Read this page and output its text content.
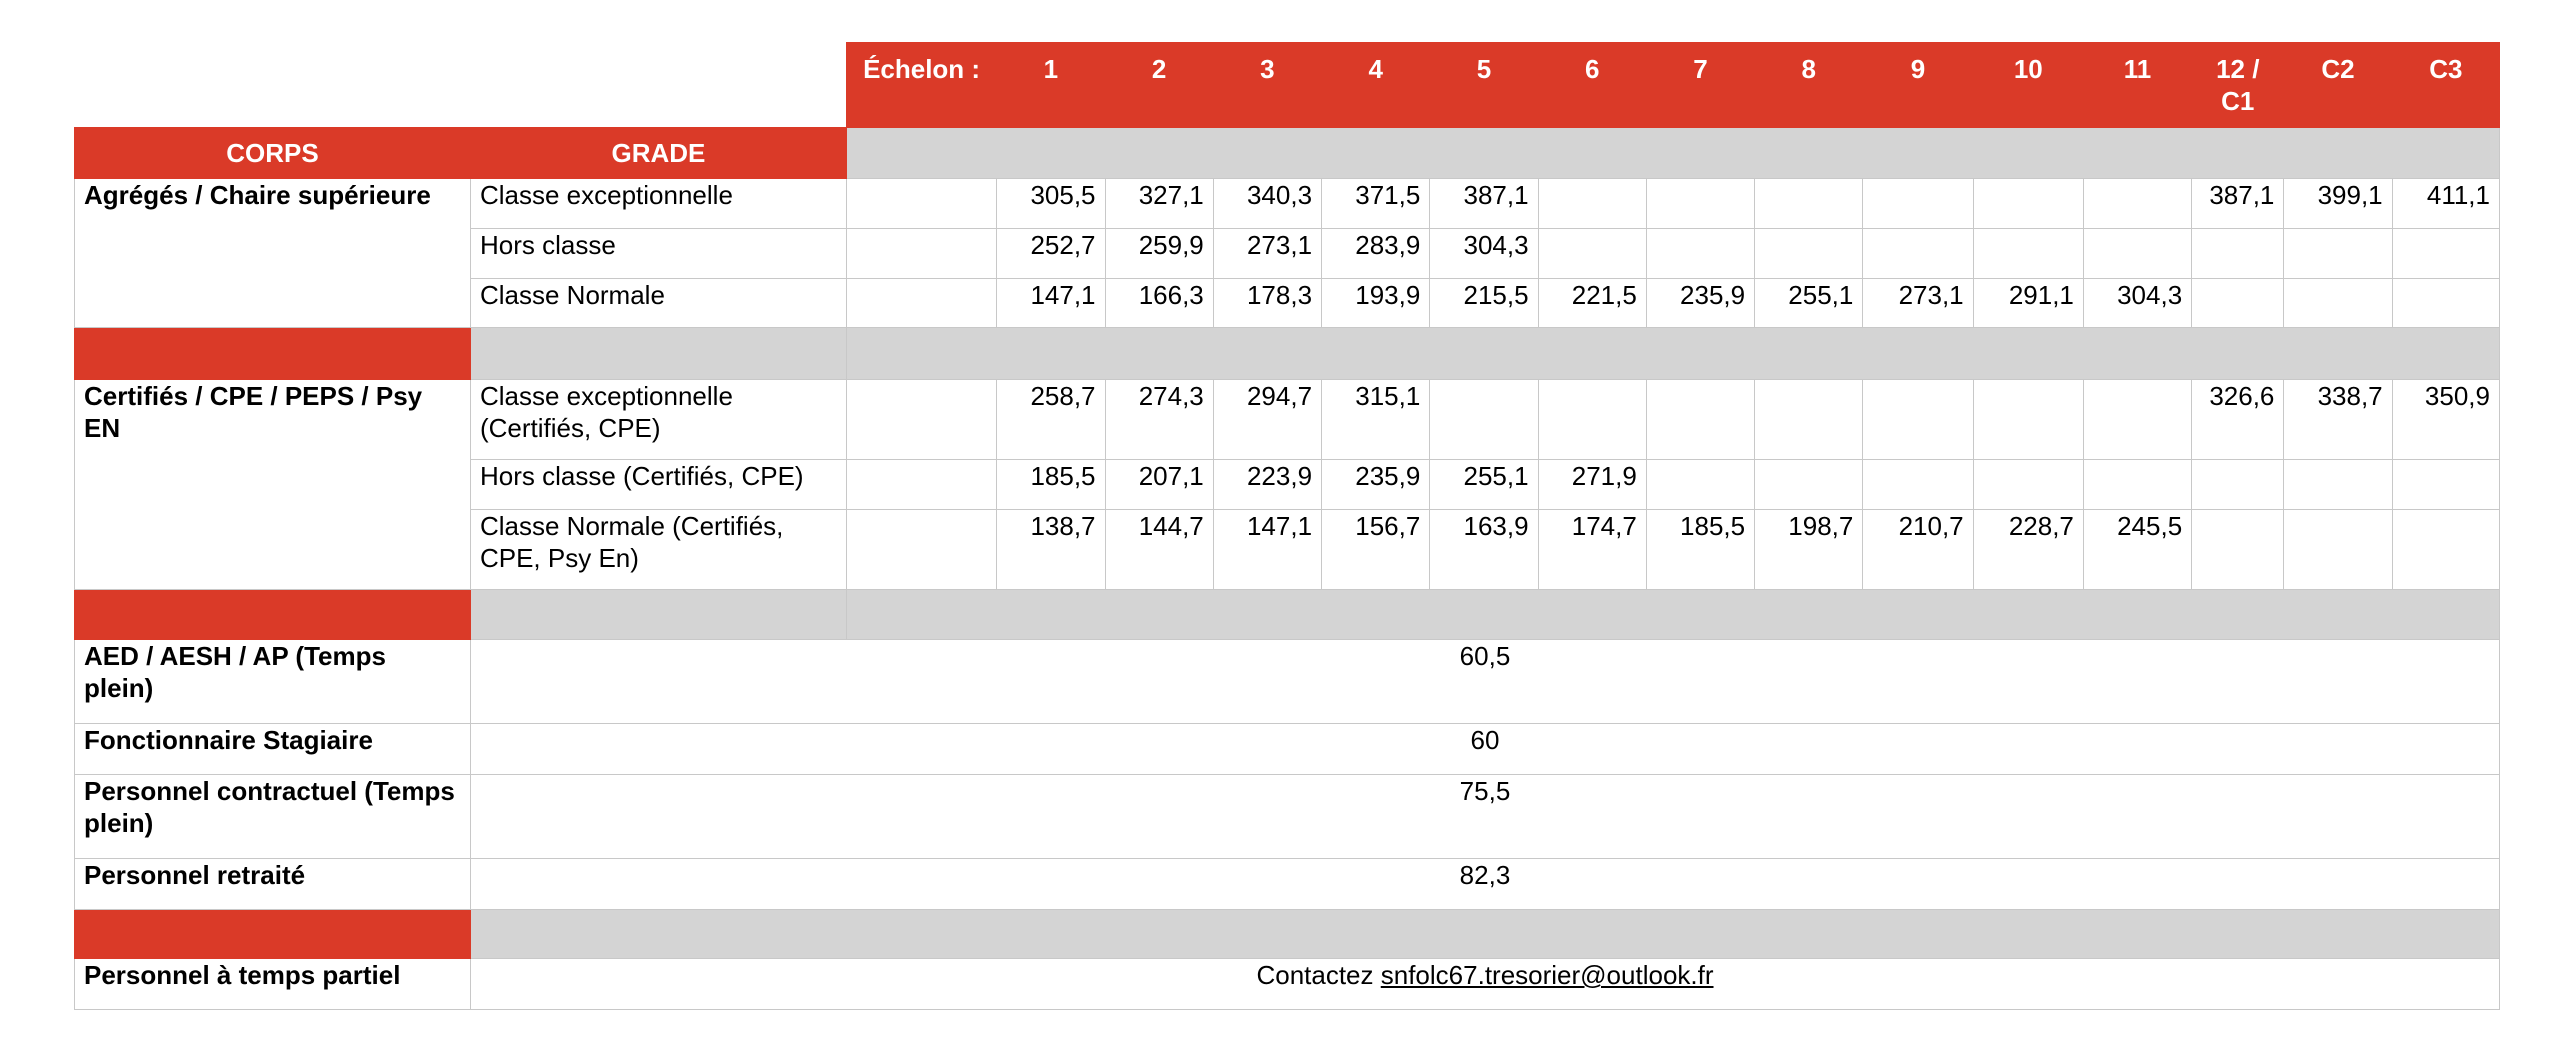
		Échelon :	1	2	3	4	5	6	7	8	9	10	11	12 / C1	C2	C3
CORPS	GRADE															
Agrégés / Chaire supérieure	Classe exceptionnelle		305,5	327,1	340,3	371,5	387,1							387,1	399,1	411,1
	Hors classe		252,7	259,9	273,1	283,9	304,3									
	Classe Normale		147,1	166,3	178,3	193,9	215,5	221,5	235,9	255,1	273,1	291,1	304,3			

Certifiés / CPE / PEPS / Psy EN	Classe exceptionnelle (Certifiés, CPE)		258,7	274,3	294,7	315,1								326,6	338,7	350,9
	Hors classe (Certifiés, CPE)		185,5	207,1	223,9	235,9	255,1	271,9								
	Classe Normale (Certifiés, CPE, Psy En)		138,7	144,7	147,1	156,7	163,9	174,7	185,5	198,7	210,7	228,7	245,5			

AED / AESH / AP (Temps plein)	60,5															
Fonctionnaire Stagiaire	60															
Personnel contractuel (Temps plein)	75,5															
Personnel retraité	82,3															

Personnel à temps partiel	Contactez snfolc67.tresorier@outlook.fr															
